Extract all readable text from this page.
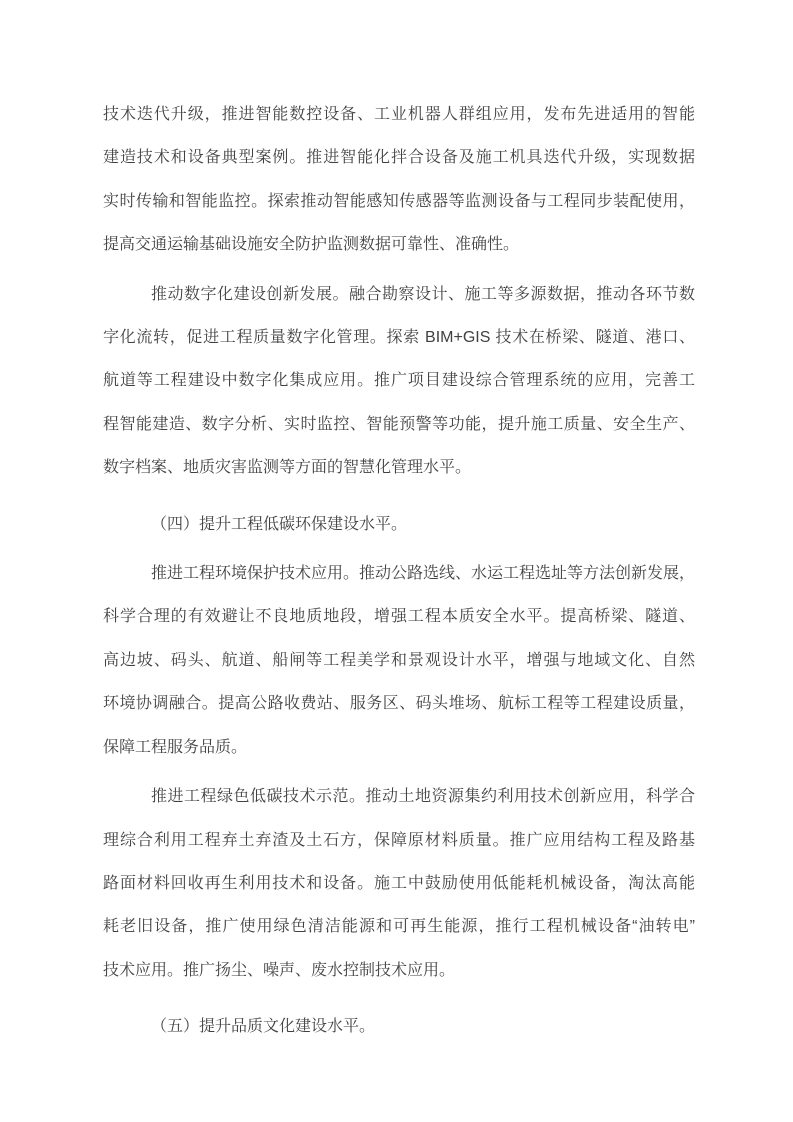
技术迭代升级，推进智能数控设备、工业机器人群组应用，发布先进适用的智能
建造技术和设备典型案例。推进智能化拌合设备及施工机具迭代升级，实现数据
实时传输和智能监控。探索推动智能感知传感器等监测设备与工程同步装配使用，
提高交通运输基础设施安全防护监测数据可靠性、准确性。

推动数字化建设创新发展。融合勘察设计、施工等多源数据，推动各环节数
字化流转，促进工程质量数字化管理。探索 BIM+GIS 技术在桥梁、隧道、港口、
航道等工程建设中数字化集成应用。推广项目建设综合管理系统的应用，完善工
程智能建造、数字分析、实时监控、智能预警等功能，提升施工质量、安全生产、
数字档案、地质灾害监测等方面的智慧化管理水平。

（四）提升工程低碳环保建设水平。

推进工程环境保护技术应用。推动公路选线、水运工程选址等方法创新发展，
科学合理的有效避让不良地质地段，增强工程本质安全水平。提高桥梁、隧道、
高边坡、码头、航道、船闸等工程美学和景观设计水平，增强与地域文化、自然
环境协调融合。提高公路收费站、服务区、码头堆场、航标工程等工程建设质量，
保障工程服务品质。

推进工程绿色低碳技术示范。推动土地资源集约利用技术创新应用，科学合
理综合利用工程弃土弃渣及土石方，保障原材料质量。推广应用结构工程及路基
路面材料回收再生利用技术和设备。施工中鼓励使用低能耗机械设备，淘汰高能
耗老旧设备，推广使用绿色清洁能源和可再生能源，推行工程机械设备“油转电”
技术应用。推广扬尘、噪声、废水控制技术应用。

（五）提升品质文化建设水平。
